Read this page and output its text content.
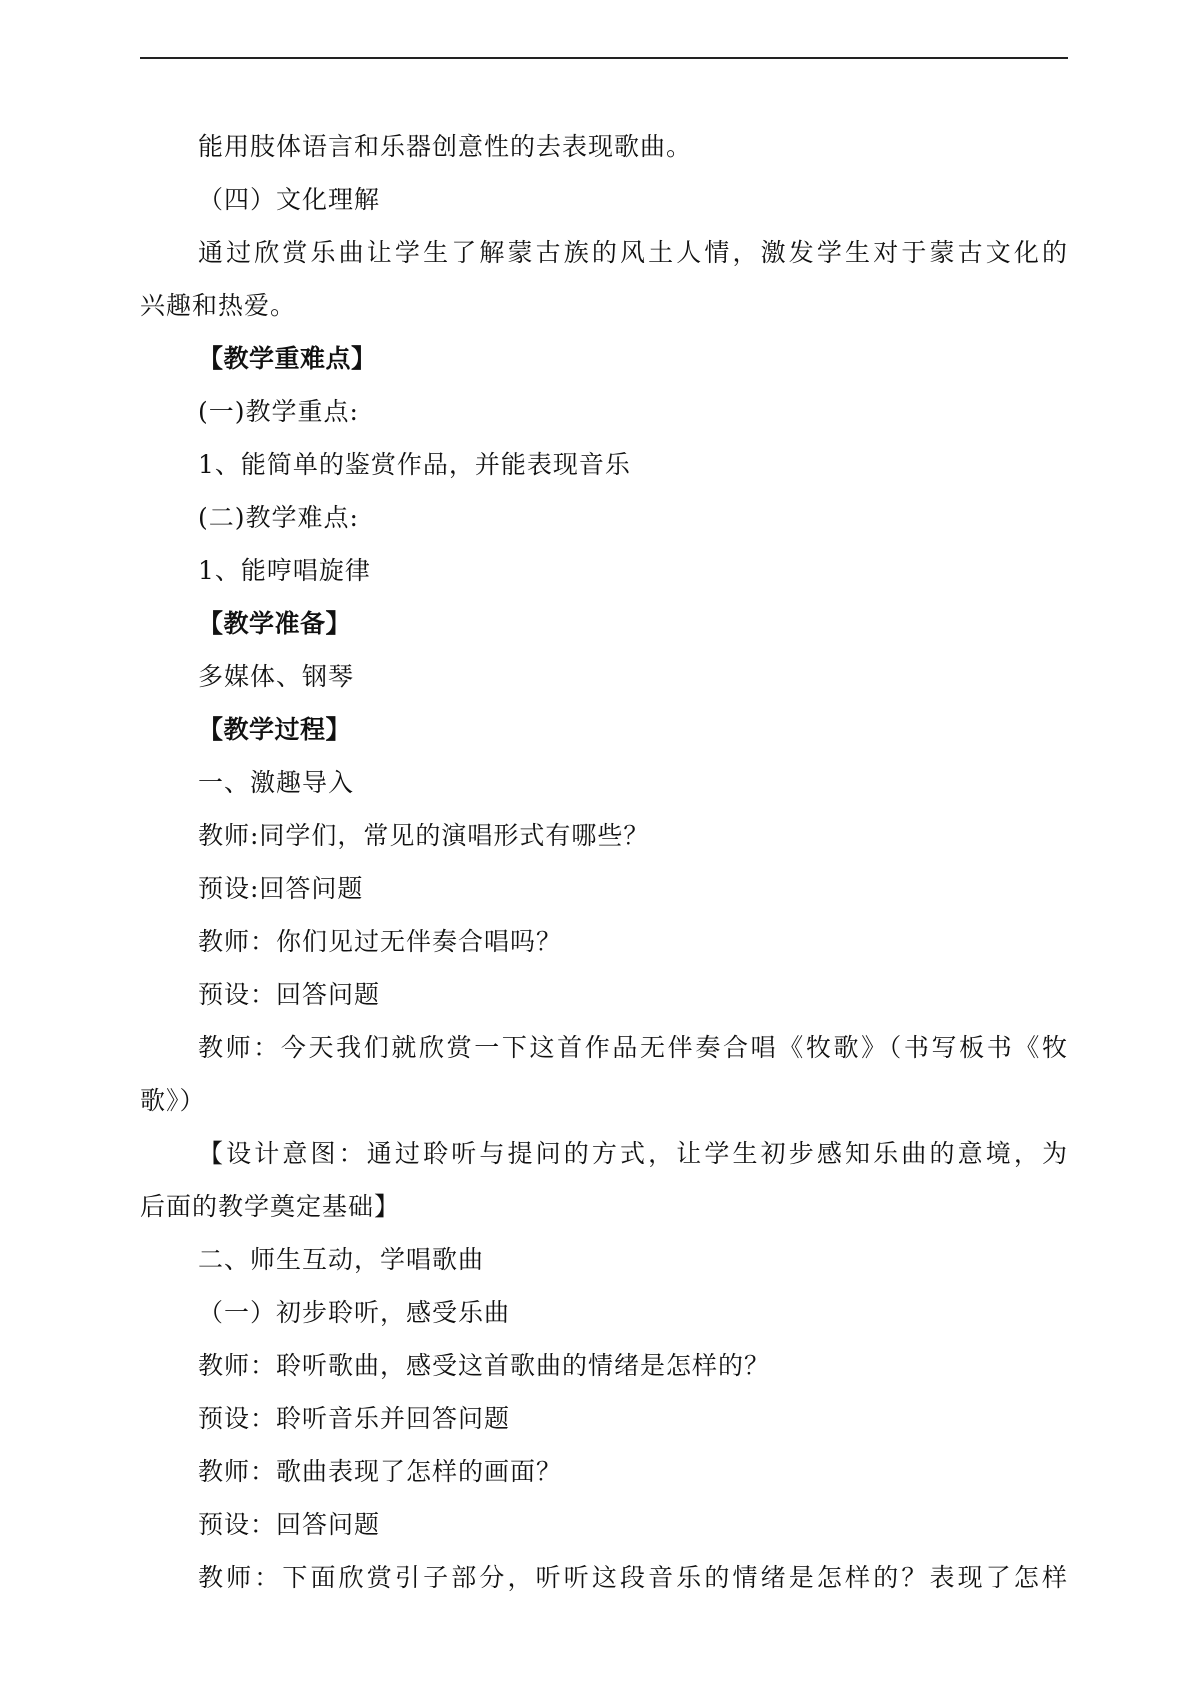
能用肢体语言和乐器创意性的去表现歌曲。
（四）文化理解
通过欣赏乐曲让学生了解蒙古族的风土人情，激发学生对于蒙古文化的
兴趣和热爱。
【教学重难点】
(一)教学重点:
1、能简单的鉴赏作品，并能表现音乐
(二)教学难点:
1、能哼唱旋律
【教学准备】
多媒体、钢琴
【教学过程】
一、激趣导入
教师:同学们，常见的演唱形式有哪些？
预设:回答问题
教师：你们见过无伴奏合唱吗？
预设：回答问题
教师：今天我们就欣赏一下这首作品无伴奏合唱《牧歌》（书写板书《牧
歌》）
【设计意图：通过聆听与提问的方式，让学生初步感知乐曲的意境，为
后面的教学奠定基础】
二、师生互动，学唱歌曲
（一）初步聆听，感受乐曲
教师：聆听歌曲，感受这首歌曲的情绪是怎样的？
预设：聆听音乐并回答问题
教师：歌曲表现了怎样的画面？
预设：回答问题
教师：下面欣赏引子部分，听听这段音乐的情绪是怎样的？表现了怎样
